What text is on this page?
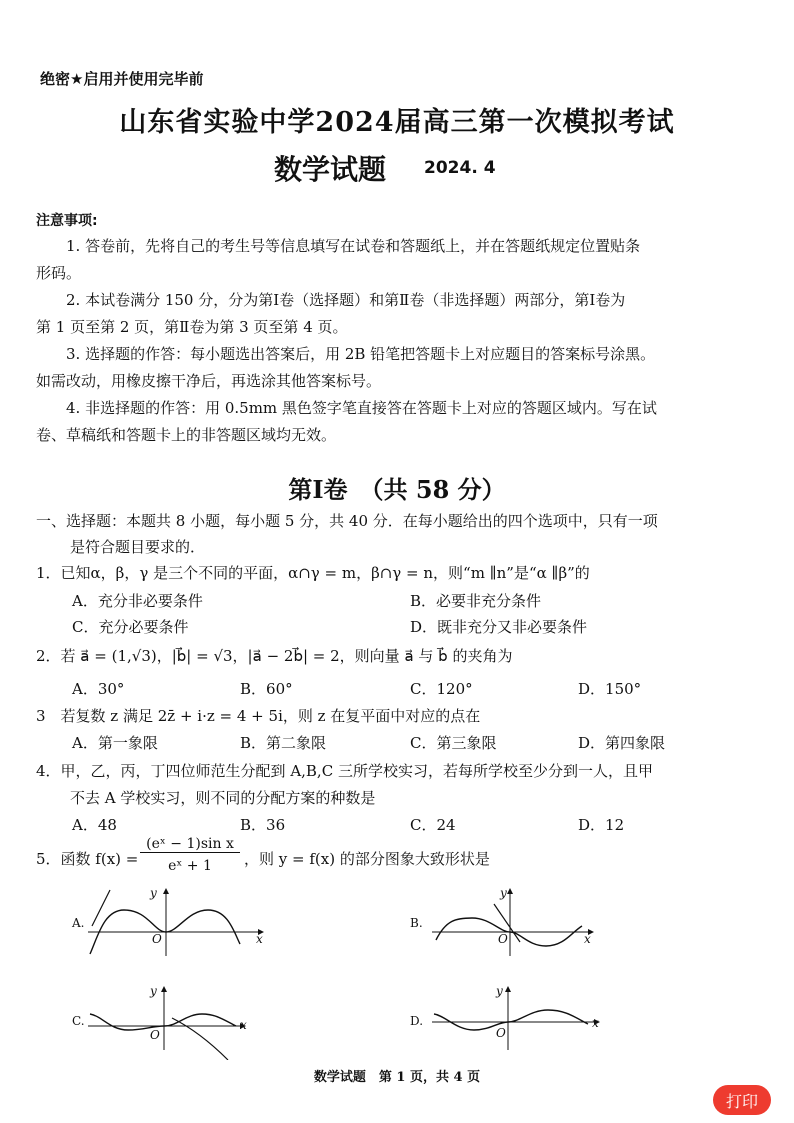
绝密★启用并使用完毕前
山东省实验中学2024届高三第一次模拟考试
数学试题 2024. 4
注意事项:
1. 答卷前，先将自己的考生号等信息填写在试卷和答题纸上，并在答题纸规定位置贴条
形码。
2. 本试卷满分 150 分，分为第Ⅰ卷（选择题）和第Ⅱ卷（非选择题）两部分，第Ⅰ卷为
第 1 页至第 2 页，第Ⅱ卷为第 3 页至第 4 页。
3. 选择题的作答：每小题选出答案后，用 2B 铅笔把答题卡上对应题目的答案标号涂黑。
如需改动，用橡皮擦干净后，再选涂其他答案标号。
4. 非选择题的作答：用 0.5mm 黑色签字笔直接答在答题卡上对应的答题区域内。写在试
卷、草稿纸和答题卡上的非答题区域均无效。
第Ⅰ卷　（共 58 分）
一、选择题：本题共 8 小题，每小题 5 分，共 40 分．在每小题给出的四个选项中，只有一项
是符合题目要求的．
1．已知α，β，γ 是三个不同的平面，α∩γ = m，β∩γ = n，则“m ∥n”是“α ∥β”的
A．充分非必要条件	B．必要非充分条件
C．充分必要条件	D．既非充分又非必要条件
2．若 a⃗ = (1,√3)，|b⃗| = √3，|a⃗ − 2b⃗| = 2，则向量 a⃗ 与 b⃗ 的夹角为
A．30°	B．60°	C．120°	D．150°
3　若复数 z 满足 2z̄ + i·z = 4 + 5i，则 z 在复平面中对应的点在
A．第一象限	B．第二象限	C．第三象限	D．第四象限
4．甲，乙，丙，丁四位师范生分配到 A,B,C 三所学校实习，若每所学校至少分到一人，且甲
不去 A 学校实习，则不同的分配方案的种数是
A．48	B．36	C．24	D．12
5．函数 f(x) =
(eˣ − 1)sin x
eˣ + 1	，则 y = f(x) 的部分图象大致形状是
A.
y
O	x
B.
y
O	x
C.
y
O
x	D.
y
O
x
数学试题　第 1 页，共 4 页
打印
